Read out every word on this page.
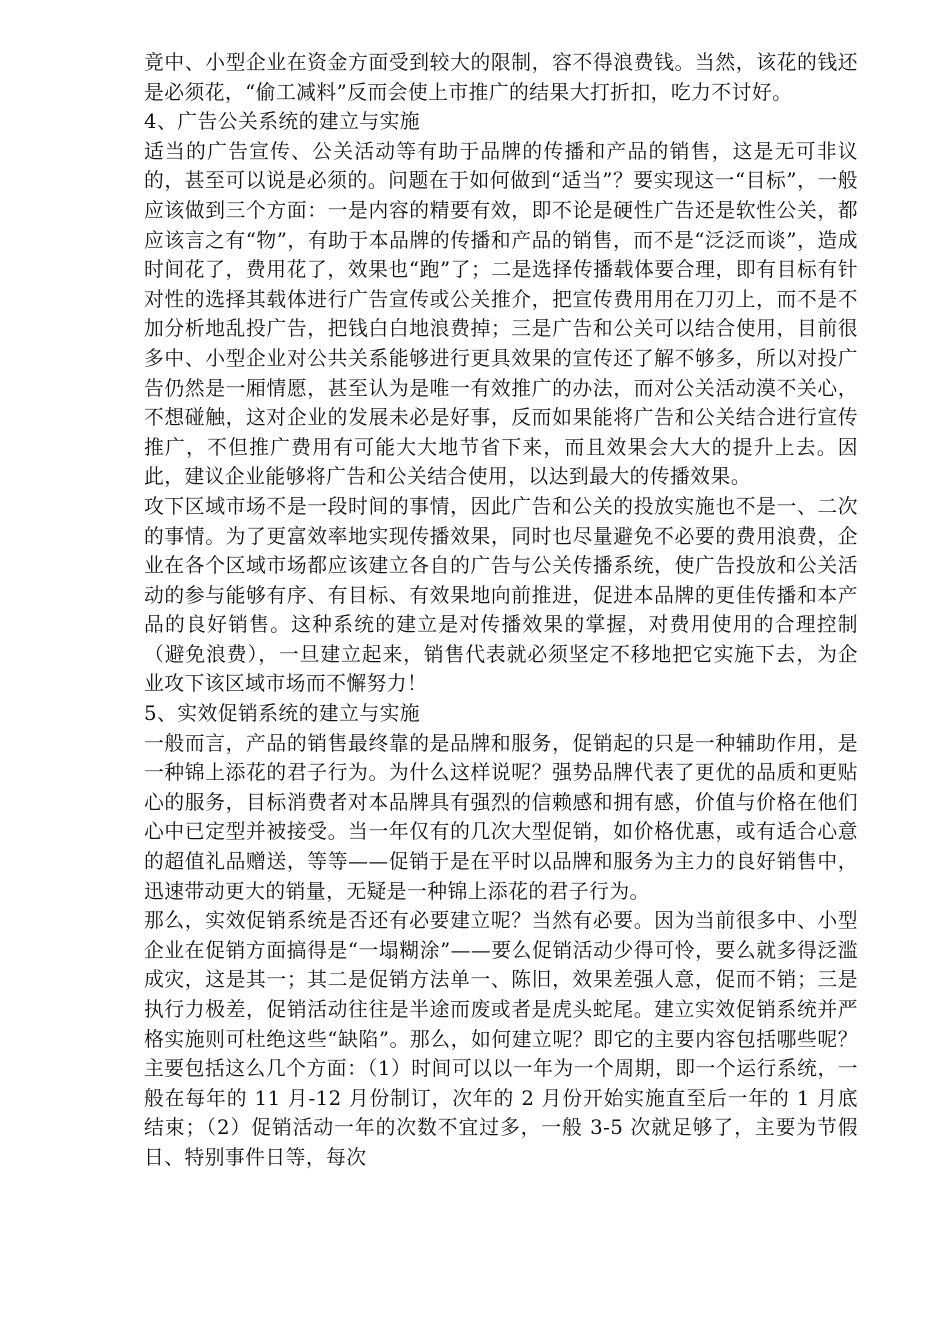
竟中、小型企业在资金方面受到较大的限制，容不得浪费钱。当然，该花的钱还是必须花，“偷工减料”反而会使上市推广的结果大打折扣，吃力不讨好。

4、广告公关系统的建立与实施

适当的广告宣传、公关活动等有助于品牌的传播和产品的销售，这是无可非议的，甚至可以说是必须的。问题在于如何做到“适当”？要实现这一“目标”，一般应该做到三个方面：一是内容的精要有效，即不论是硬性广告还是软性公关，都应该言之有“物”，有助于本品牌的传播和产品的销售，而不是“泛泛而谈”，造成时间花了，费用花了，效果也“跑”了；二是选择传播载体要合理，即有目标有针对性的选择其载体进行广告宣传或公关推介，把宣传费用用在刀刃上，而不是不加分析地乱投广告，把钱白白地浪费掉；三是广告和公关可以结合使用，目前很多中、小型企业对公共关系能够进行更具效果的宣传还了解不够多，所以对投广告仍然是一厢情愿，甚至认为是唯一有效推广的办法，而对公关活动漠不关心，不想碰触，这对企业的发展未必是好事，反而如果能将广告和公关结合进行宣传推广，不但推广费用有可能大大地节省下来，而且效果会大大的提升上去。因此，建议企业能够将广告和公关结合使用，以达到最大的传播效果。

攻下区域市场不是一段时间的事情，因此广告和公关的投放实施也不是一、二次的事情。为了更富效率地实现传播效果，同时也尽量避免不必要的费用浪费，企业在各个区域市场都应该建立各自的广告与公关传播系统，使广告投放和公关活动的参与能够有序、有目标、有效果地向前推进，促进本品牌的更佳传播和本产品的良好销售。这种系统的建立是对传播效果的掌握，对费用使用的合理控制（避免浪费），一旦建立起来，销售代表就必须坚定不移地把它实施下去，为企业攻下该区域市场而不懈努力！

5、实效促销系统的建立与实施

一般而言，产品的销售最终靠的是品牌和服务，促销起的只是一种辅助作用，是一种锦上添花的君子行为。为什么这样说呢？强势品牌代表了更优的品质和更贴心的服务，目标消费者对本品牌具有强烈的信赖感和拥有感，价值与价格在他们心中已定型并被接受。当一年仅有的几次大型促销，如价格优惠，或有适合心意的超值礼品赠送，等等——促销于是在平时以品牌和服务为主力的良好销售中，迅速带动更大的销量，无疑是一种锦上添花的君子行为。

那么，实效促销系统是否还有必要建立呢？当然有必要。因为当前很多中、小型企业在促销方面搞得是“一塌糊涂”——要么促销活动少得可怜，要么就多得泛滥成灾，这是其一；其二是促销方法单一、陈旧，效果差强人意，促而不销；三是执行力极差，促销活动往往是半途而废或者是虎头蛇尾。建立实效促销系统并严格实施则可杜绝这些“缺陷”。那么，如何建立呢？即它的主要内容包括哪些呢？主要包括这么几个方面：（1）时间可以以一年为一个周期，即一个运行系统，一般在每年的 11 月-12 月份制订，次年的 2 月份开始实施直至后一年的 1 月底结束；（2）促销活动一年的次数不宜过多，一般 3-5 次就足够了，主要为节假日、特别事件日等，每次
